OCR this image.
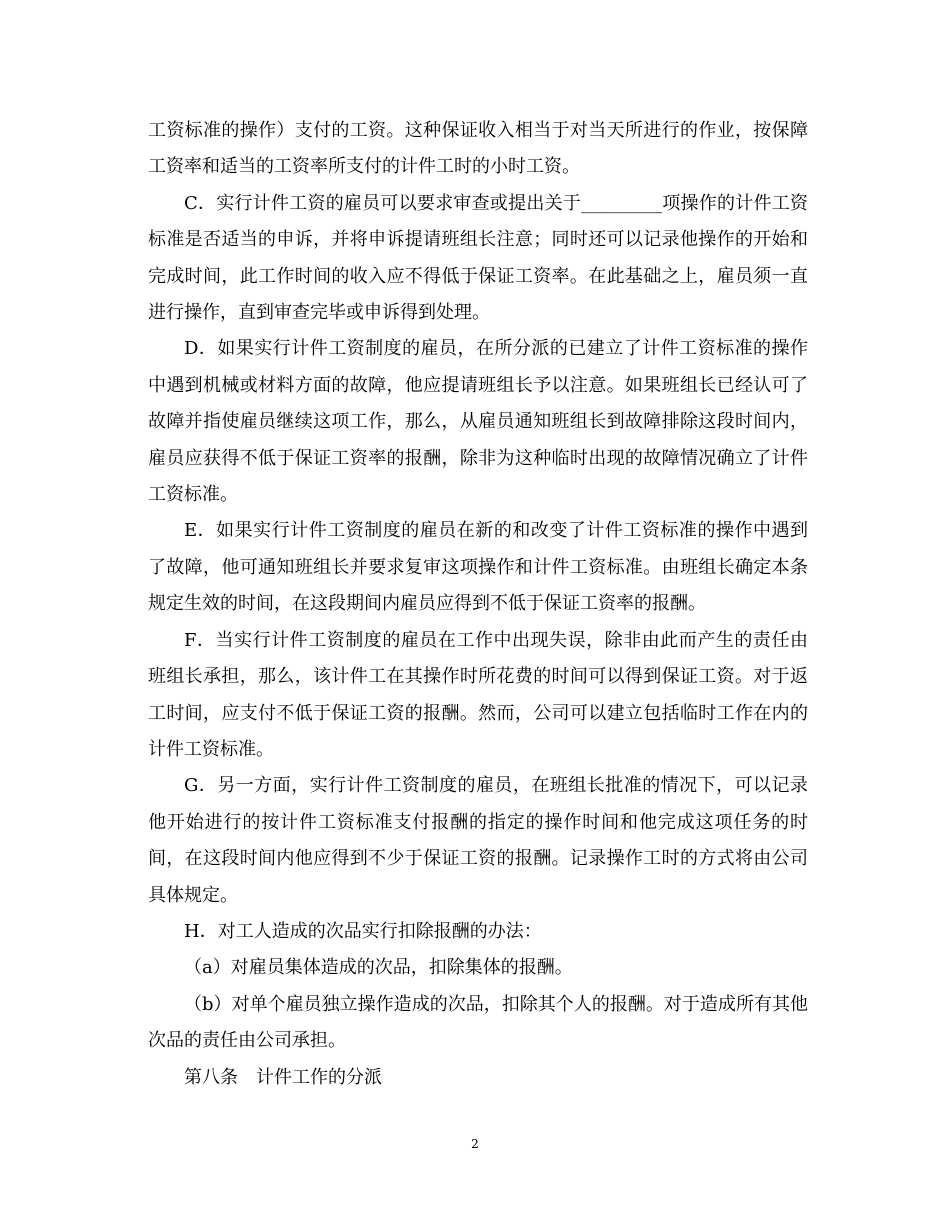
工资标准的操作）支付的工资。这种保证收入相当于对当天所进行的作业，按保障工资率和适当的工资率所支付的计件工时的小时工资。

C．实行计件工资的雇员可以要求审查或提出关于_________项操作的计件工资标准是否适当的申诉，并将申诉提请班组长注意；同时还可以记录他操作的开始和完成时间，此工作时间的收入应不得低于保证工资率。在此基础之上，雇员须一直进行操作，直到审查完毕或申诉得到处理。

D．如果实行计件工资制度的雇员，在所分派的已建立了计件工资标准的操作中遇到机械或材料方面的故障，他应提请班组长予以注意。如果班组长已经认可了故障并指使雇员继续这项工作，那么，从雇员通知班组长到故障排除这段时间内，雇员应获得不低于保证工资率的报酬，除非为这种临时出现的故障情况确立了计件工资标准。

E．如果实行计件工资制度的雇员在新的和改变了计件工资标准的操作中遇到了故障，他可通知班组长并要求复审这项操作和计件工资标准。由班组长确定本条规定生效的时间，在这段期间内雇员应得到不低于保证工资率的报酬。

F．当实行计件工资制度的雇员在工作中出现失误，除非由此而产生的责任由班组长承担，那么，该计件工在其操作时所花费的时间可以得到保证工资。对于返工时间，应支付不低于保证工资的报酬。然而，公司可以建立包括临时工作在内的计件工资标准。

G．另一方面，实行计件工资制度的雇员，在班组长批准的情况下，可以记录他开始进行的按计件工资标准支付报酬的指定的操作时间和他完成这项任务的时间，在这段时间内他应得到不少于保证工资的报酬。记录操作工时的方式将由公司具体规定。

H．对工人造成的次品实行扣除报酬的办法：

（a）对雇员集体造成的次品，扣除集体的报酬。

（b）对单个雇员独立操作造成的次品，扣除其个人的报酬。对于造成所有其他次品的责任由公司承担。

第八条　计件工作的分派

2
